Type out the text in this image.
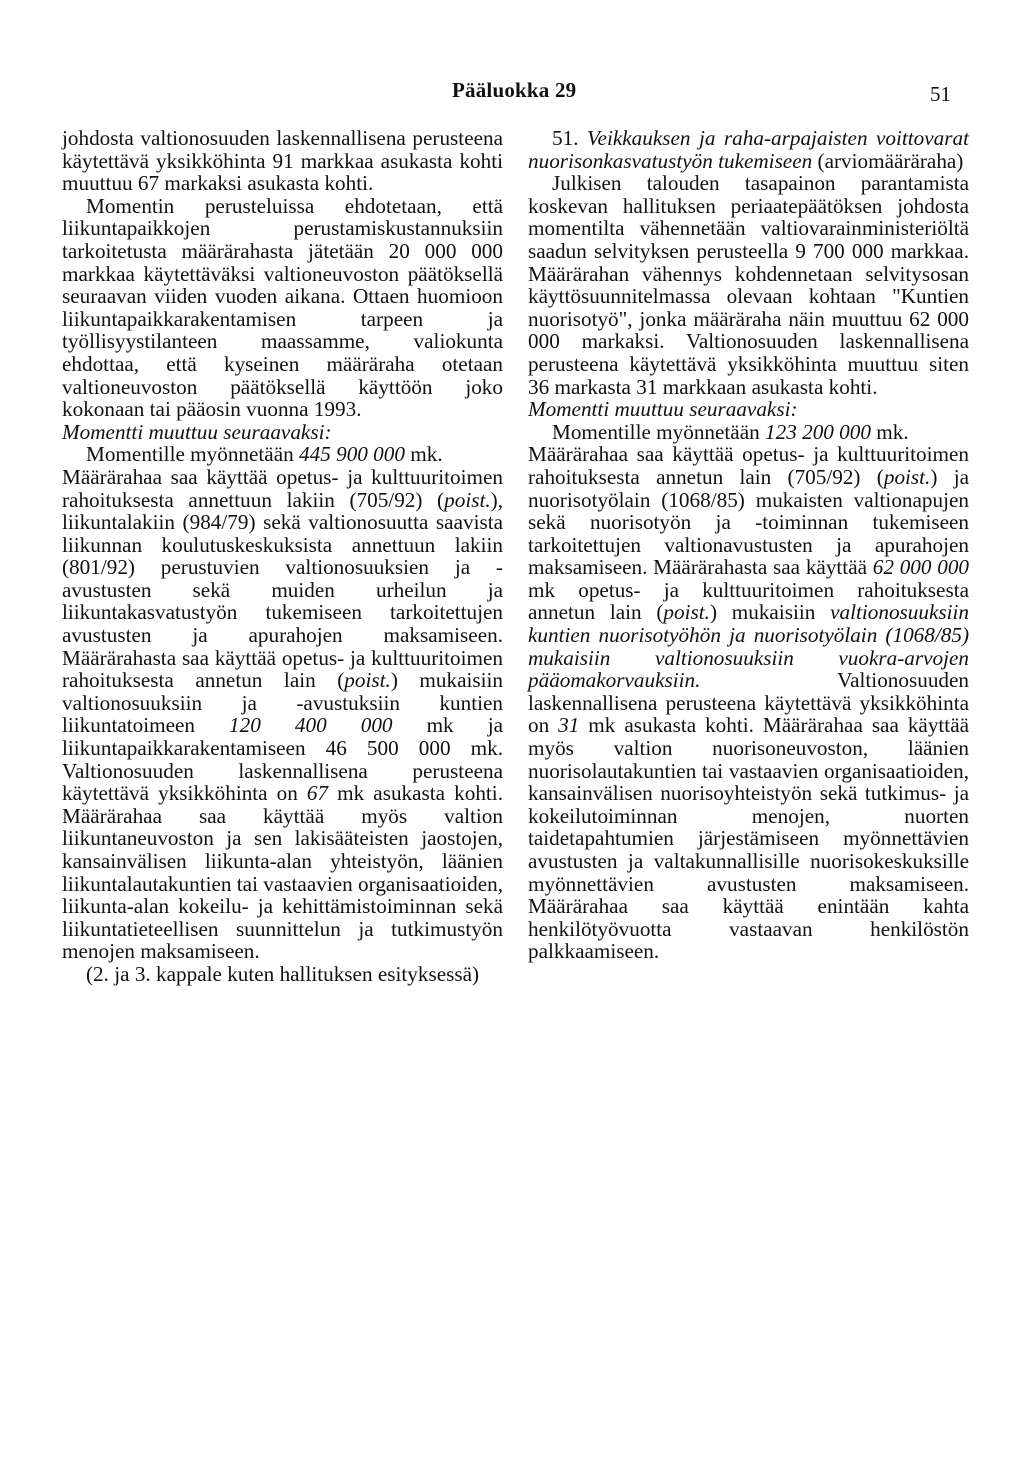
Pääluokka 29	51

johdosta valtionosuuden laskennallisena perusteena käytettävä yksikköhinta 91 markkaa asukasta kohti muuttuu 67 markaksi asukasta kohti.

Momentin perusteluissa ehdotetaan, että liikuntapaikkojen perustamiskustannuksiin tarkoitetusta määrärahasta jätetään 20 000 000 markkaa käytettäväksi valtioneuvoston päätöksellä seuraavan viiden vuoden aikana. Ottaen huomioon liikuntapaikkarakentamisen tarpeen ja työllisyystilanteen maassamme, valiokunta ehdottaa, että kyseinen määräraha otetaan valtioneuvoston päätöksellä käyttöön joko kokonaan tai pääosin vuonna 1993.

Momentti muuttuu seuraavaksi:

Momentille myönnetään 445 900 000 mk.

Määrärahaa saa käyttää opetus- ja kulttuuritoimen rahoituksesta annettuun lakiin (705/92) (poist.), liikuntalakiin (984/79) sekä valtionosuutta saavista liikunnan koulutuskeskuksista annettuun lakiin (801/92) perustuvien valtionosuuksien ja -avustusten sekä muiden urheilun ja liikuntakasvatustyön tukemiseen tarkoitettujen avustusten ja apurahojen maksamiseen. Määrärahasta saa käyttää opetus- ja kulttuuritoimen rahoituksesta annetun lain (poist.) mukaisiin valtionosuuksiin ja -avustuksiin kuntien liikuntatoimeen 120 400 000 mk ja liikuntapaikkarakentamiseen 46 500 000 mk. Valtionosuuden laskennallisena perusteena käytettävä yksikköhinta on 67 mk asukasta kohti. Määrärahaa saa käyttää myös valtion liikuntaneuvoston ja sen lakisääteisten jaostojen, kansainvälisen liikunta-alan yhteistyön, läänien liikuntalautakuntien tai vastaavien organisaatioiden, liikunta-alan kokeilu- ja kehittämistoiminnan sekä liikuntatieteellisen suunnittelun ja tutkimustyön menojen maksamiseen.

(2. ja 3. kappale kuten hallituksen esityksessä)

51. Veikkauksen ja raha-arpajaisten voittovarat nuorisonkasvatustyön tukemiseen (arviomääräraha)

Julkisen talouden tasapainon parantamista koskevan hallituksen periaatepäätöksen johdosta momentilta vähennetään valtiovarainministeriöltä saadun selvityksen perusteella 9 700 000 markkaa. Määrärahan vähennys kohdennetaan selvitysosan käyttösuunnitelmassa olevaan kohtaan "Kuntien nuorisotyö", jonka määräraha näin muuttuu 62 000 000 markaksi. Valtionosuuden laskennallisena perusteena käytettävä yksikköhinta muuttuu siten 36 markasta 31 markkaan asukasta kohti.

Momentti muuttuu seuraavaksi:

Momentille myönnetään 123 200 000 mk.

Määrärahaa saa käyttää opetus- ja kulttuuritoimen rahoituksesta annetun lain (705/92) (poist.) ja nuorisotyölain (1068/85) mukaisten valtionapujen sekä nuorisotyön ja -toiminnan tukemiseen tarkoitettujen valtionavustusten ja apurahojen maksamiseen. Määrärahasta saa käyttää 62 000 000 mk opetus- ja kulttuuritoimen rahoituksesta annetun lain (poist.) mukaisiin valtionosuuksiin kuntien nuorisotyöhön ja nuorisotyölain (1068/85) mukaisiin valtionosuuksiin vuokra-arvojen pääomakorvauksiin. Valtionosuuden laskennallisena perusteena käytettävä yksikköhinta on 31 mk asukasta kohti. Määrärahaa saa käyttää myös valtion nuorisoneuvoston, läänien nuorisolautakuntien tai vastaavien organisaatioiden, kansainvälisen nuorisoyhteistyön sekä tutkimus- ja kokeilutoiminnan menojen, nuorten taidetapahtumien järjestämiseen myönnettävien avustusten ja valtakunnallisille nuorisokeskuksille myönnettävien avustusten maksamiseen. Määrärahaa saa käyttää enintään kahta henkilötyövuotta vastaavan henkilöstön palkkaamiseen.
